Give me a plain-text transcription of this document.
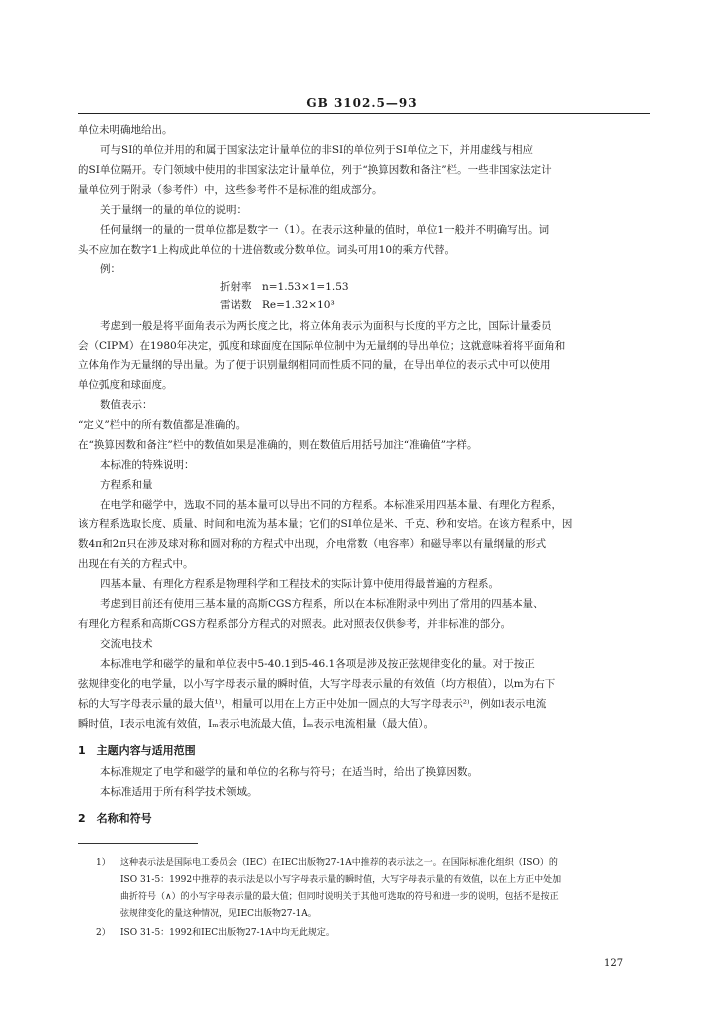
GB 3102.5—93
单位未明确地给出。
可与SI的单位并用的和属于国家法定计量单位的非SI的单位列于SI单位之下，并用虚线与相应
的SI单位隔开。专门领域中使用的非国家法定计量单位，列于“换算因数和备注”栏。一些非国家法定计
量单位列于附录（参考件）中，这些参考件不是标准的组成部分。
关于量纲一的量的单位的说明：
任何量纲一的量的一贯单位都是数字一（1）。在表示这种量的值时，单位1一般并不明确写出。词
头不应加在数字1上构成此单位的十进倍数或分数单位。词头可用10的乘方代替。
例：
折射率　n=1.53×1=1.53
雷诺数　Re=1.32×10³
考虑到一般是将平面角表示为两长度之比，将立体角表示为面积与长度的平方之比，国际计量委员
会（CIPM）在1980年决定，弧度和球面度在国际单位制中为无量纲的导出单位；这就意味着将平面角和
立体角作为无量纲的导出量。为了便于识别量纲相同而性质不同的量，在导出单位的表示式中可以使用
单位弧度和球面度。
数值表示：
“定义”栏中的所有数值都是准确的。
在“换算因数和备注”栏中的数值如果是准确的，则在数值后用括号加注“准确值”字样。
本标准的特殊说明：
方程系和量
在电学和磁学中，选取不同的基本量可以导出不同的方程系。本标准采用四基本量、有理化方程系，
该方程系选取长度、质量、时间和电流为基本量；它们的SI单位是米、千克、秒和安培。在该方程系中，因
数4π和2π只在涉及球对称和圆对称的方程式中出现，介电常数（电容率）和磁导率以有量纲量的形式
出现在有关的方程式中。
四基本量、有理化方程系是物理科学和工程技术的实际计算中使用得最普遍的方程系。
考虑到目前还有使用三基本量的高斯CGS方程系，所以在本标准附录中列出了常用的四基本量、
有理化方程系和高斯CGS方程系部分方程式的对照表。此对照表仅供参考，并非标准的部分。
交流电技术
本标准电学和磁学的量和单位表中5-40.1到5-46.1各项是涉及按正弦规律变化的量。对于按正
弦规律变化的电学量，以小写字母表示量的瞬时值，大写字母表示量的有效值（均方根值），以m为右下
标的大写字母表示量的最大值¹⁾，相量可以用在上方正中处加一圆点的大写字母表示²⁾，例如i表示电流
瞬时值，I表示电流有效值，Iₘ表示电流最大值，İₘ表示电流相量（最大值）。
1　主题内容与适用范围
本标准规定了电学和磁学的量和单位的名称与符号；在适当时，给出了换算因数。
本标准适用于所有科学技术领域。
2　名称和符号
1） 这种表示法是国际电工委员会（IEC）在IEC出版物27-1A中推荐的表示法之一。在国际标准化组织（ISO）的
ISO 31-5：1992中推荐的表示法是以小写字母表示量的瞬时值，大写字母表示量的有效值，以在上方正中处加
曲折符号（∧）的小写字母表示量的最大值；但同时说明关于其他可选取的符号和进一步的说明，包括不是按正
弦规律变化的量这种情况，见IEC出版物27-1A。
2） ISO 31-5：1992和IEC出版物27-1A中均无此规定。
127
